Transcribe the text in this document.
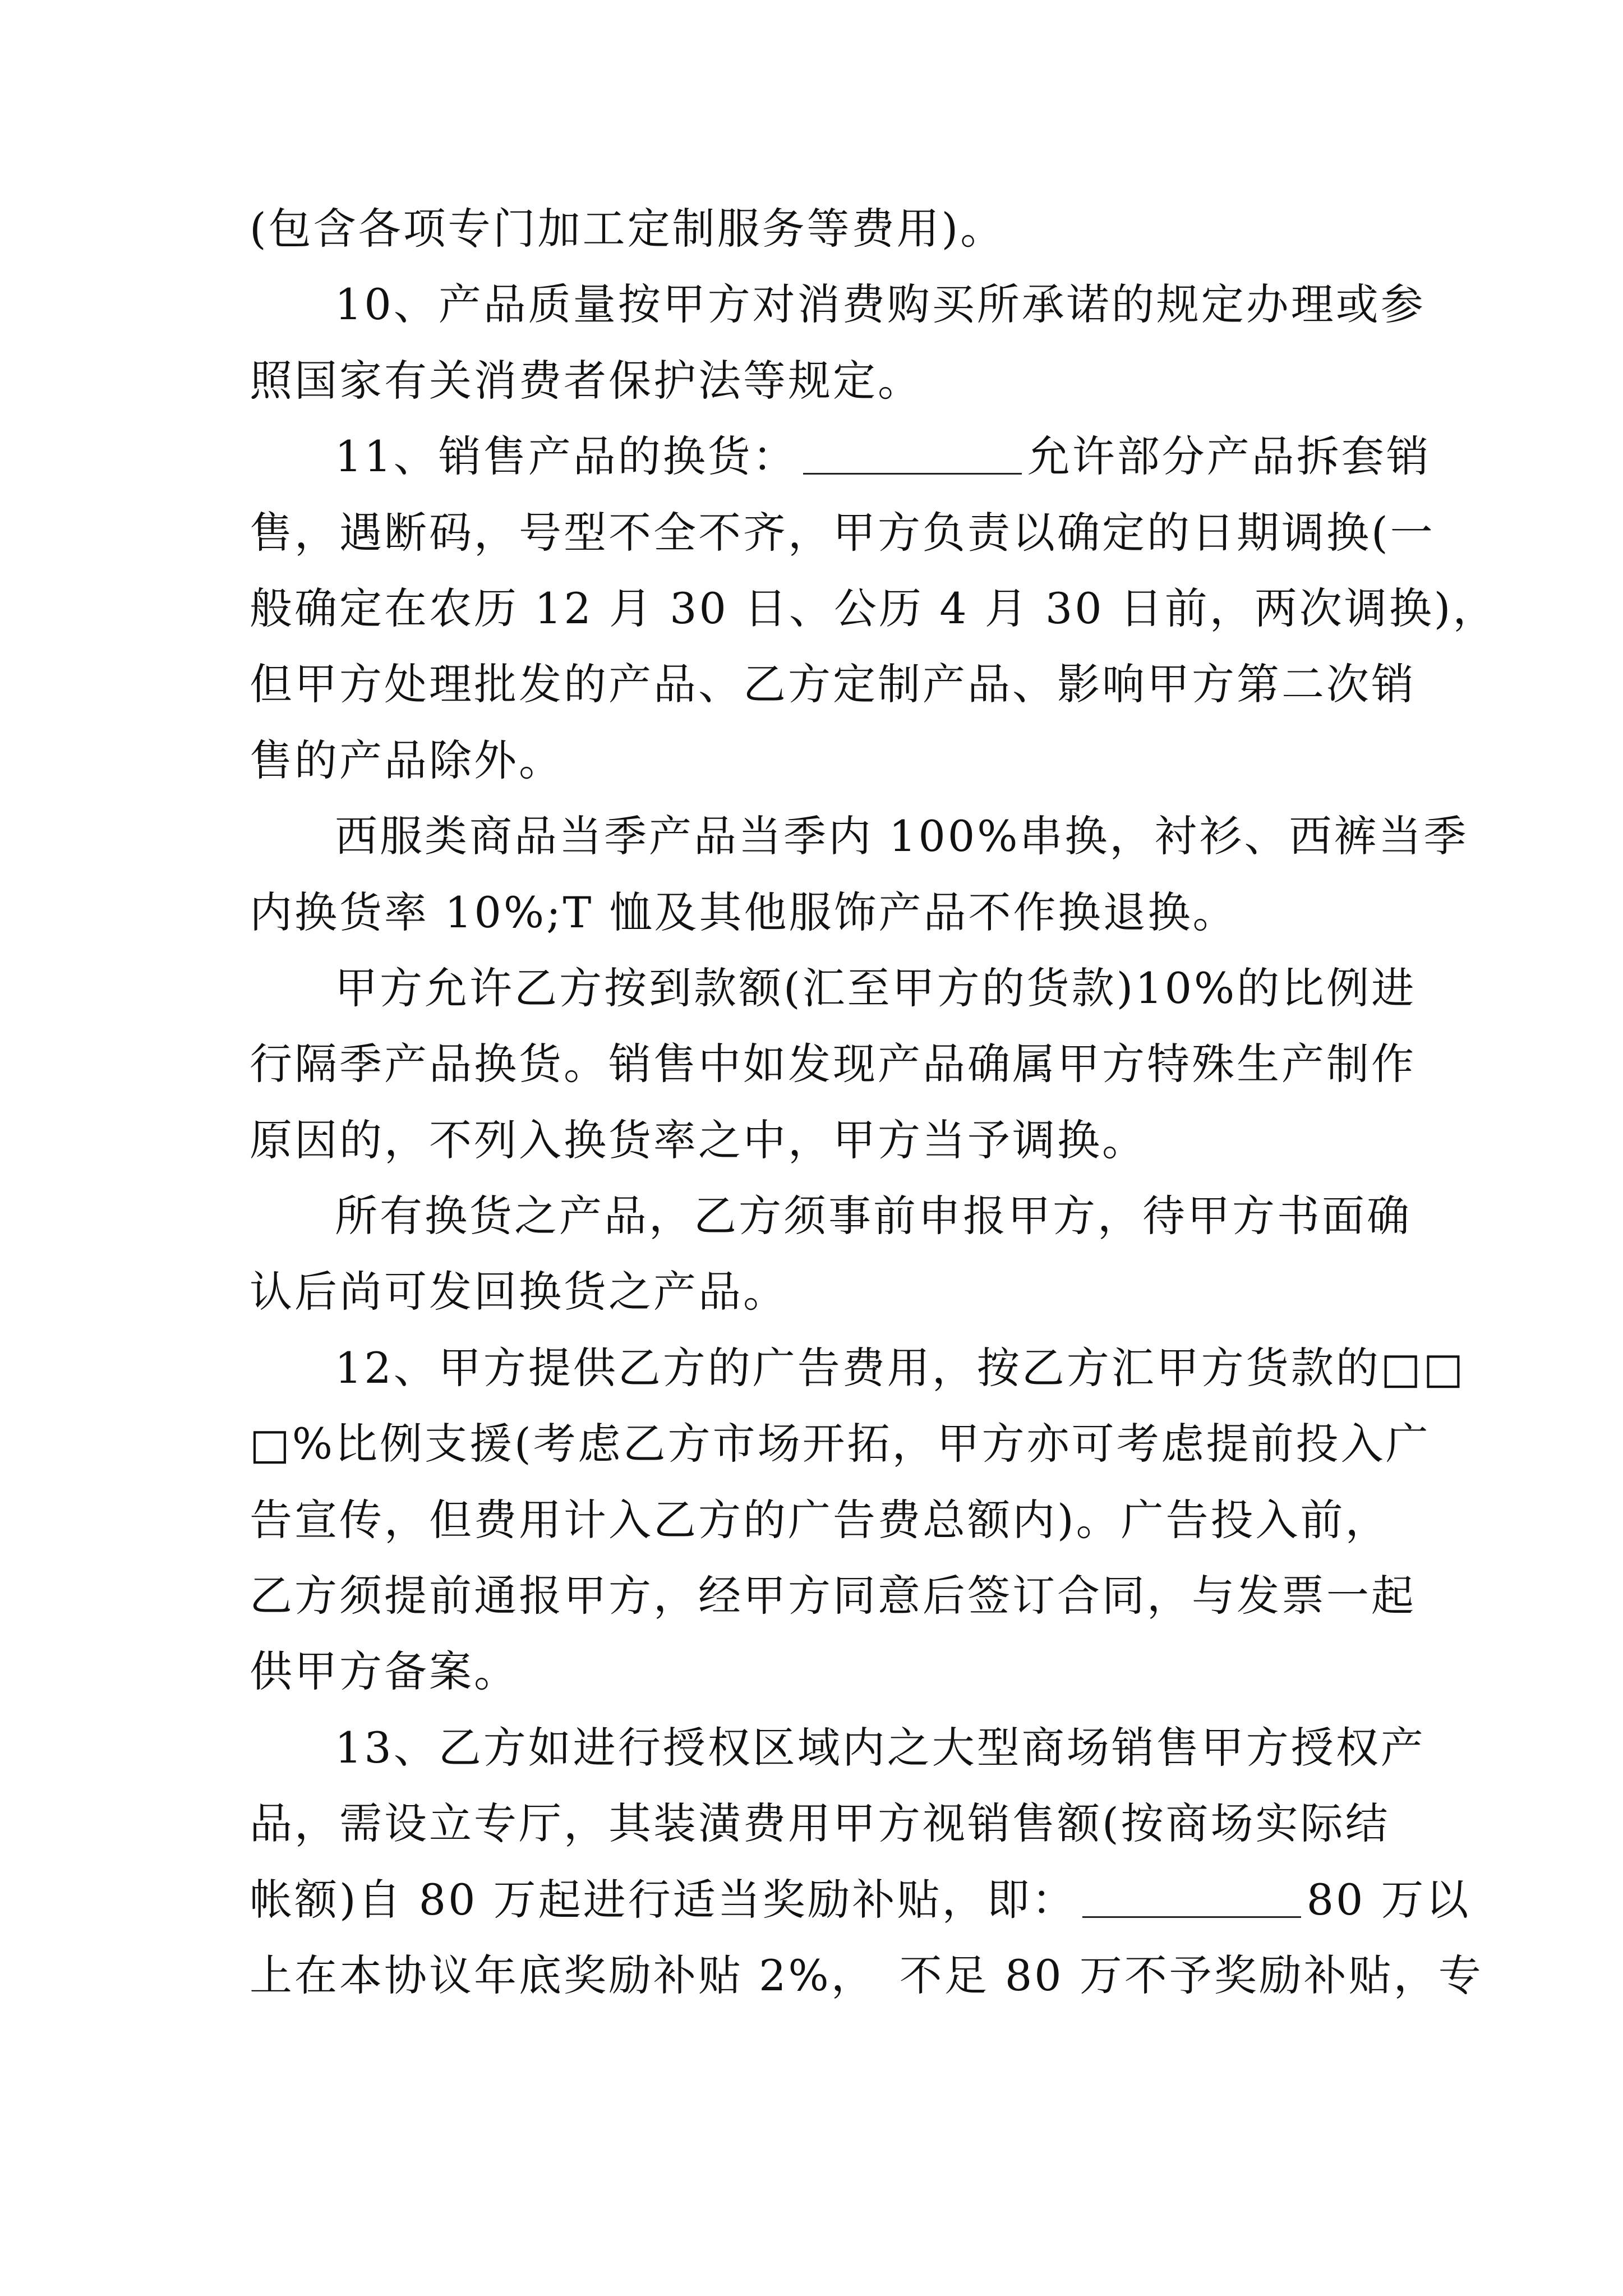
(包含各项专门加工定制服务等费用)。
10、产品质量按甲方对消费购买所承诺的规定办理或参
照国家有关消费者保护法等规定。
11、销售产品的换货：	允许部分产品拆套销
售，遇断码，号型不全不齐，甲方负责以确定的日期调换(一
般确定在农历 12 月 30 日、公历 4 月 30 日前，两次调换)，
但甲方处理批发的产品、乙方定制产品、影响甲方第二次销
售的产品除外。
西服类商品当季产品当季内 100%串换，衬衫、西裤当季
内换货率 10%;T 恤及其他服饰产品不作换退换。
甲方允许乙方按到款额(汇至甲方的货款)10%的比例进
行隔季产品换货。销售中如发现产品确属甲方特殊生产制作
原因的，不列入换货率之中，甲方当予调换。
所有换货之产品，乙方须事前申报甲方，待甲方书面确
认后尚可发回换货之产品。
12、甲方提供乙方的广告费用，按乙方汇甲方货款的□□
□%比例支援(考虑乙方市场开拓，甲方亦可考虑提前投入广
告宣传，但费用计入乙方的广告费总额内)。广告投入前，
乙方须提前通报甲方，经甲方同意后签订合同，与发票一起
供甲方备案。
13、乙方如进行授权区域内之大型商场销售甲方授权产
品，需设立专厅，其装潢费用甲方视销售额(按商场实际结
帐额)自 80 万起进行适当奖励补贴，即：	80 万以
上在本协议年底奖励补贴 2%，　不足 80 万不予奖励补贴，专
